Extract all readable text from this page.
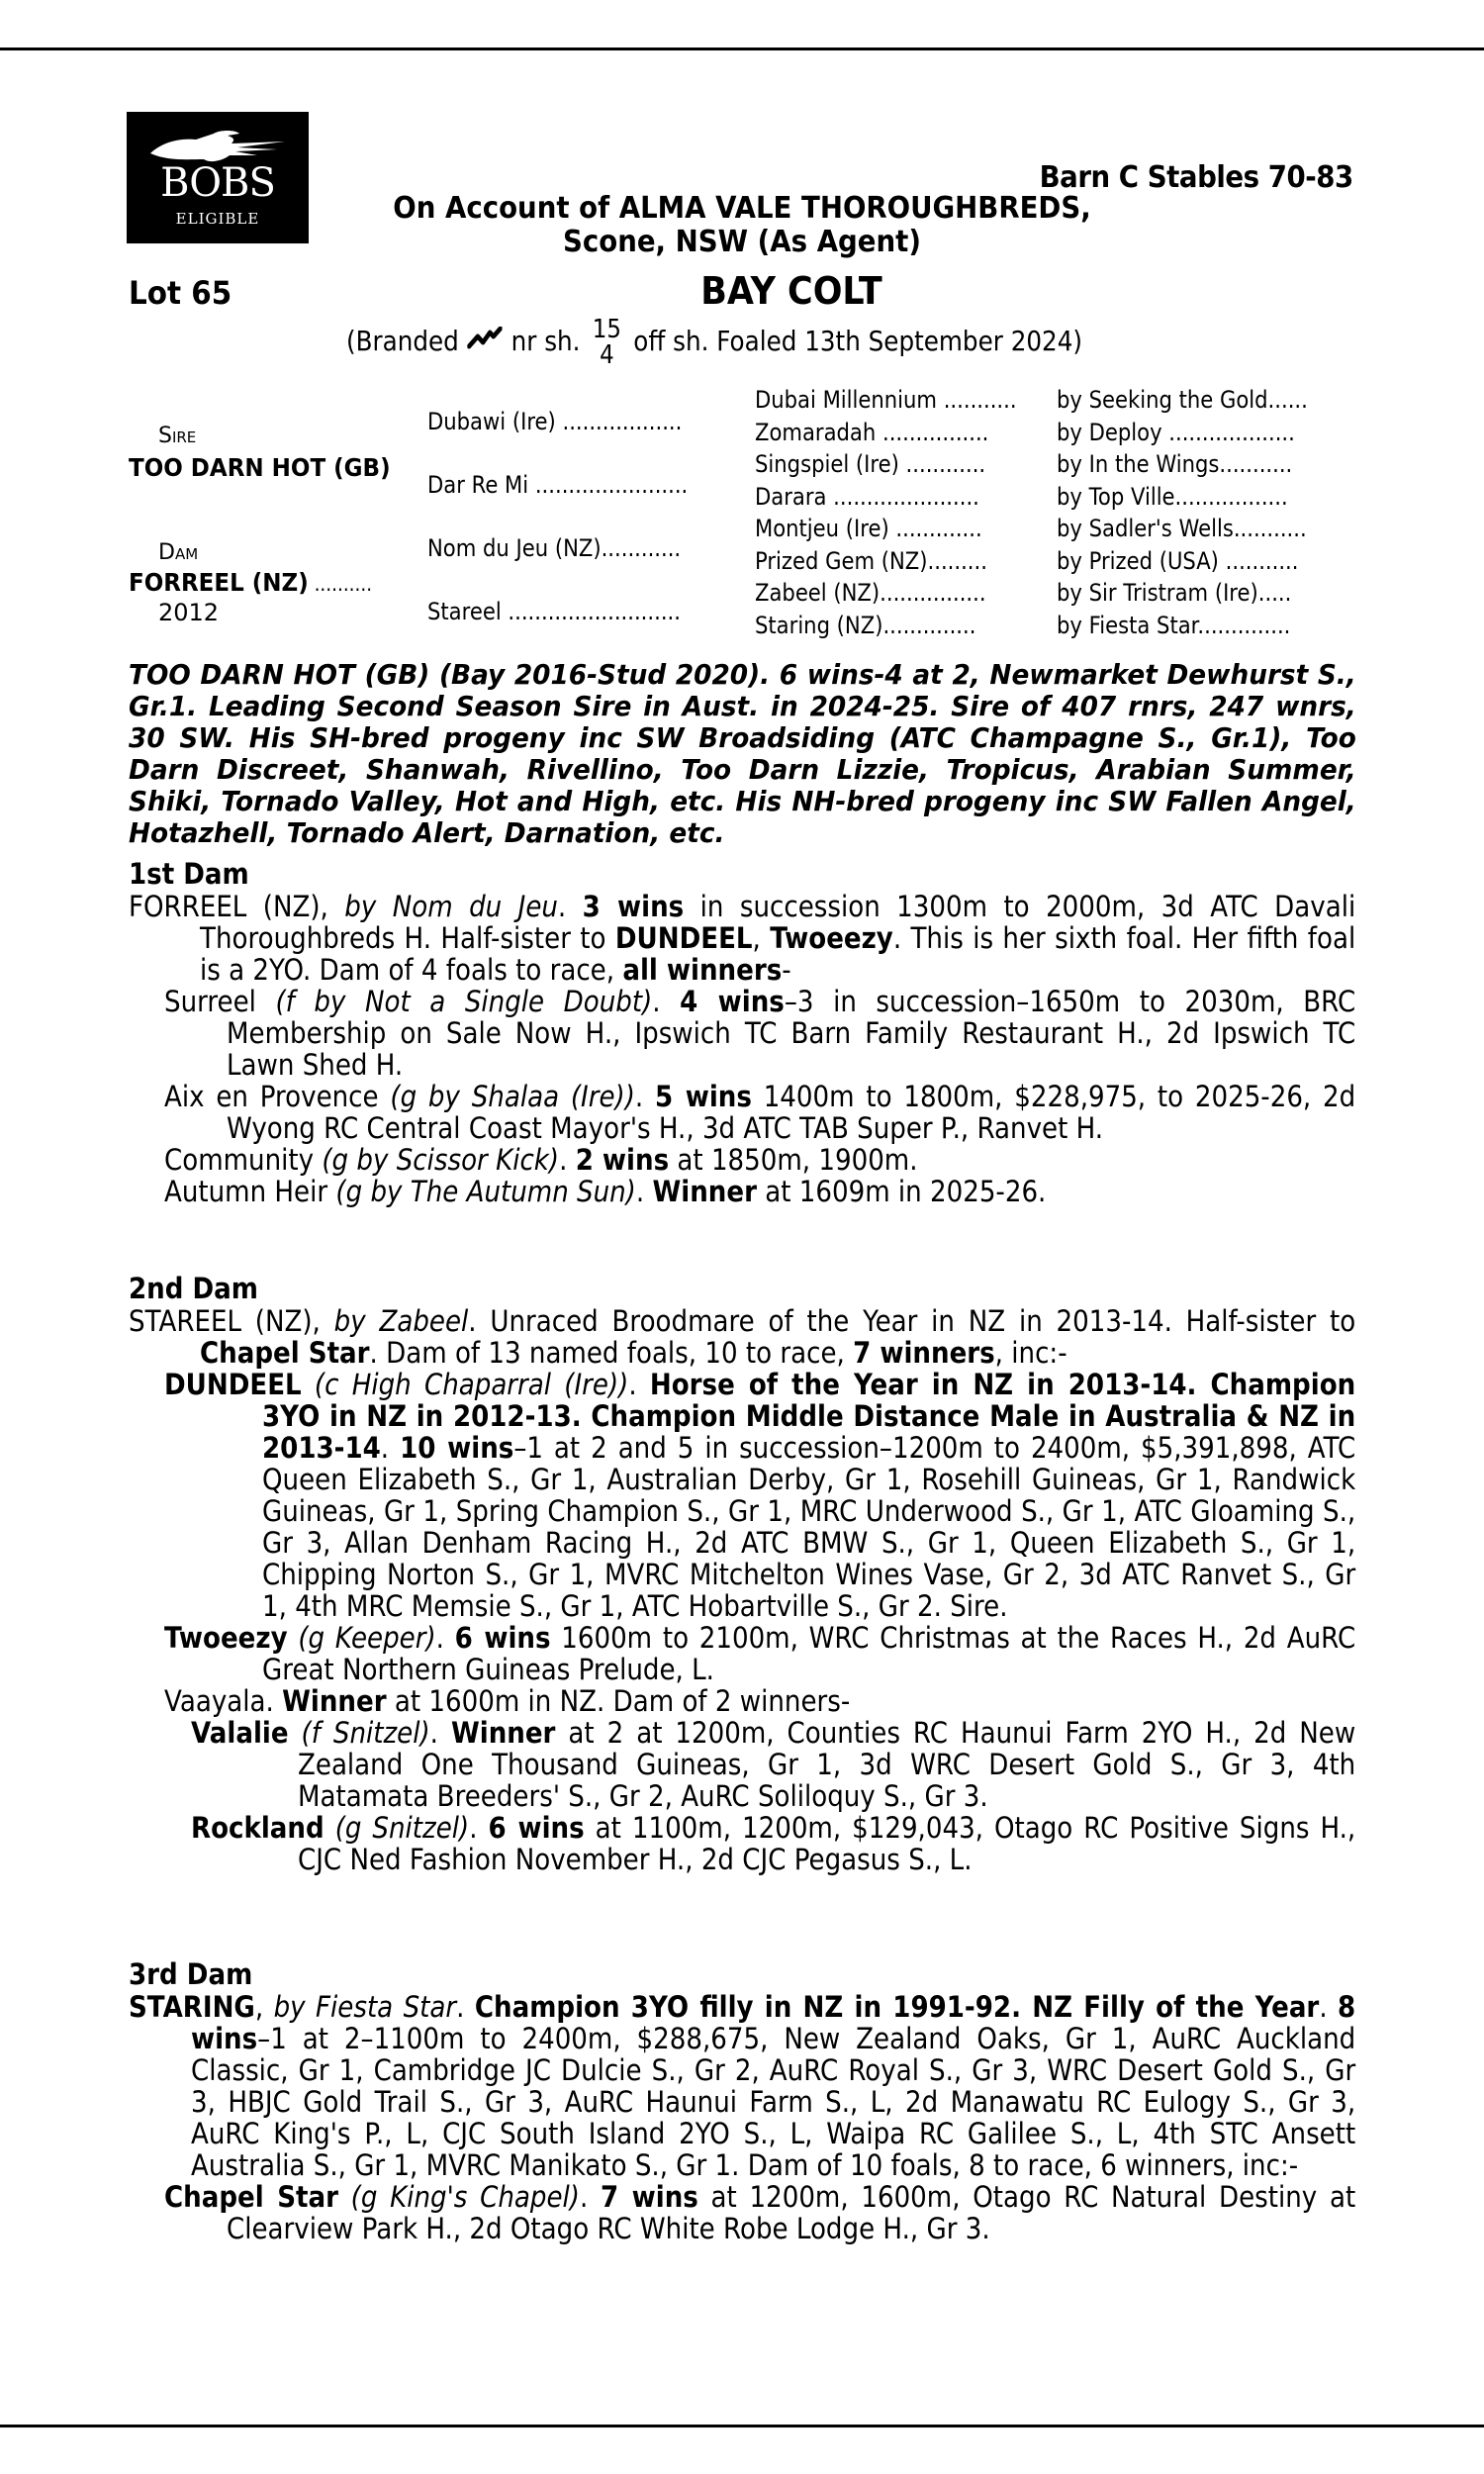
BOBS
ELIGIBLE
Barn C Stables 70-83
On Account of ALMA VALE THOROUGHBREDS,
Scone, NSW (As Agent)
Lot 65	BAY COLT
(Branded nr sh. 15
4 off sh. Foaled 13th September 2024)
Sire
TOO DARN HOT (GB)
Dam
FORREEL (NZ) ..........
2012
Dubawi (Ire) ..................
Dar Re Mi .......................
Nom du Jeu (NZ)............
Stareel ..........................
Dubai Millennium ...........
Zomaradah ................
Singspiel (Ire) ............
Darara ......................
Montjeu (Ire) .............
Prized Gem (NZ).........
Zabeel (NZ)................
Staring (NZ)..............
by Seeking the Gold......
by Deploy ...................
by In the Wings...........
by Top Ville.................
by Sadler's Wells...........
by Prized (USA) ...........
by Sir Tristram (Ire).....
by Fiesta Star..............
TOO DARN HOT (GB) (Bay 2016-Stud 2020). 6 wins-4 at 2, Newmarket Dewhurst S., Gr.1. Leading Second Season Sire in Aust. in 2024-25. Sire of 407 rnrs, 247 wnrs, 30 SW. His SH-bred progeny inc SW Broadsiding (ATC Champagne S., Gr.1), Too Darn Discreet, Shanwah, Rivellino, Too Darn Lizzie, Tropicus, Arabian Summer, Shiki, Tornado Valley, Hot and High, etc. His NH-bred progeny inc SW Fallen Angel, Hotazhell, Tornado Alert, Darnation, etc.
1st Dam
FORREEL (NZ), by Nom du Jeu. 3 wins in succession 1300m to 2000m, 3d ATC Davali Thoroughbreds H. Half-sister to DUNDEEL, Twoeezy. This is her sixth foal. Her fifth foal is a 2YO. Dam of 4 foals to race, all winners-
Surreel (f by Not a Single Doubt). 4 wins–3 in succession–1650m to 2030m, BRC Membership on Sale Now H., Ipswich TC Barn Family Restaurant H., 2d Ipswich TC Lawn Shed H.
Aix en Provence (g by Shalaa (Ire)). 5 wins 1400m to 1800m, $228,975, to 2025-26, 2d Wyong RC Central Coast Mayor's H., 3d ATC TAB Super P., Ranvet H.
Community (g by Scissor Kick). 2 wins at 1850m, 1900m.
Autumn Heir (g by The Autumn Sun). Winner at 1609m in 2025-26.
2nd Dam
STAREEL (NZ), by Zabeel. Unraced Broodmare of the Year in NZ in 2013-14. Half-sister to Chapel Star. Dam of 13 named foals, 10 to race, 7 winners, inc:-
DUNDEEL (c High Chaparral (Ire)). Horse of the Year in NZ in 2013-14. Champion 3YO in NZ in 2012-13. Champion Middle Distance Male in Australia & NZ in 2013-14. 10 wins–1 at 2 and 5 in succession–1200m to 2400m, $5,391,898, ATC Queen Elizabeth S., Gr 1, Australian Derby, Gr 1, Rosehill Guineas, Gr 1, Randwick Guineas, Gr 1, Spring Champion S., Gr 1, MRC Underwood S., Gr 1, ATC Gloaming S., Gr 3, Allan Denham Racing H., 2d ATC BMW S., Gr 1, Queen Elizabeth S., Gr 1, Chipping Norton S., Gr 1, MVRC Mitchelton Wines Vase, Gr 2, 3d ATC Ranvet S., Gr 1, 4th MRC Memsie S., Gr 1, ATC Hobartville S., Gr 2. Sire.
Twoeezy (g Keeper). 6 wins 1600m to 2100m, WRC Christmas at the Races H., 2d AuRC Great Northern Guineas Prelude, L.
Vaayala. Winner at 1600m in NZ. Dam of 2 winners-
Valalie (f Snitzel). Winner at 2 at 1200m, Counties RC Haunui Farm 2YO H., 2d New Zealand One Thousand Guineas, Gr 1, 3d WRC Desert Gold S., Gr 3, 4th Matamata Breeders' S., Gr 2, AuRC Soliloquy S., Gr 3.
Rockland (g Snitzel). 6 wins at 1100m, 1200m, $129,043, Otago RC Positive Signs H., CJC Ned Fashion November H., 2d CJC Pegasus S., L.
3rd Dam
STARING, by Fiesta Star. Champion 3YO filly in NZ in 1991-92. NZ Filly of the Year. 8 wins–1 at 2–1100m to 2400m, $288,675, New Zealand Oaks, Gr 1, AuRC Auckland Classic, Gr 1, Cambridge JC Dulcie S., Gr 2, AuRC Royal S., Gr 3, WRC Desert Gold S., Gr 3, HBJC Gold Trail S., Gr 3, AuRC Haunui Farm S., L, 2d Manawatu RC Eulogy S., Gr 3, AuRC King's P., L, CJC South Island 2YO S., L, Waipa RC Galilee S., L, 4th STC Ansett Australia S., Gr 1, MVRC Manikato S., Gr 1. Dam of 10 foals, 8 to race, 6 winners, inc:-
Chapel Star (g King's Chapel). 7 wins at 1200m, 1600m, Otago RC Natural Destiny at Clearview Park H., 2d Otago RC White Robe Lodge H., Gr 3.
